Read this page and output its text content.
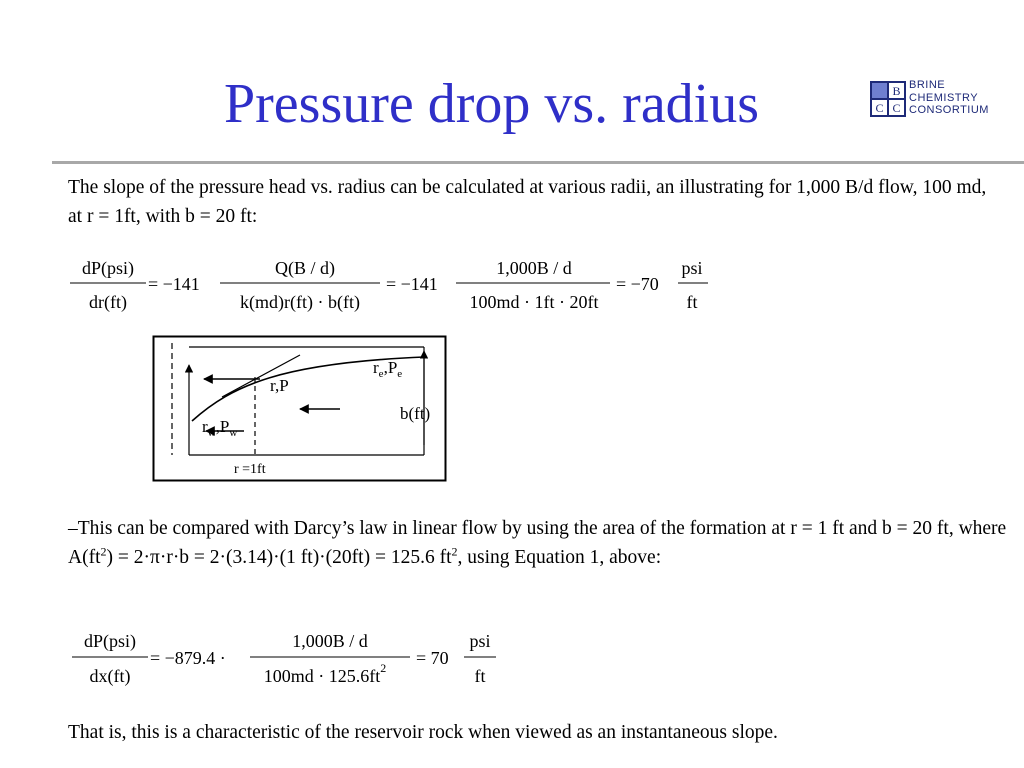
Pressure drop vs. radius	B
C C
BRINE
CHEMISTRY
CONSORTIUM

The slope of the pressure head vs. radius can be calculated at various radii, an illustrating for 1,000 B/d flow, 100 md, at r = 1ft, with b = 20 ft:

dP(psi)
dr(ft)
= −141
Q(B / d)
k(md)r(ft) · b(ft)
= −141
1,000B / d
100md · 1ft · 20ft
= −70
psi
ft
$r_e,P_e$
r,P
b(ft)
$r_w,P_w$
r =1ft

–This can be compared with Darcy’s law in linear flow by using the area of the formation at r = 1 ft and b = 20 ft, where $A(ft^2) = 2\cdot\pi\cdot r\cdot b = 2\cdot(3.14)\cdot(1$ ft)·(20ft) = 125.6 $ft^2$, using Equation 1, above:

dP(psi)
dx(ft)
= −879.4 ·
1,000B / d
$100md \cdot 125.6ft^2 = 70$
psi
ft

That is, this is a characteristic of the reservoir rock when viewed as an instantaneous slope.
